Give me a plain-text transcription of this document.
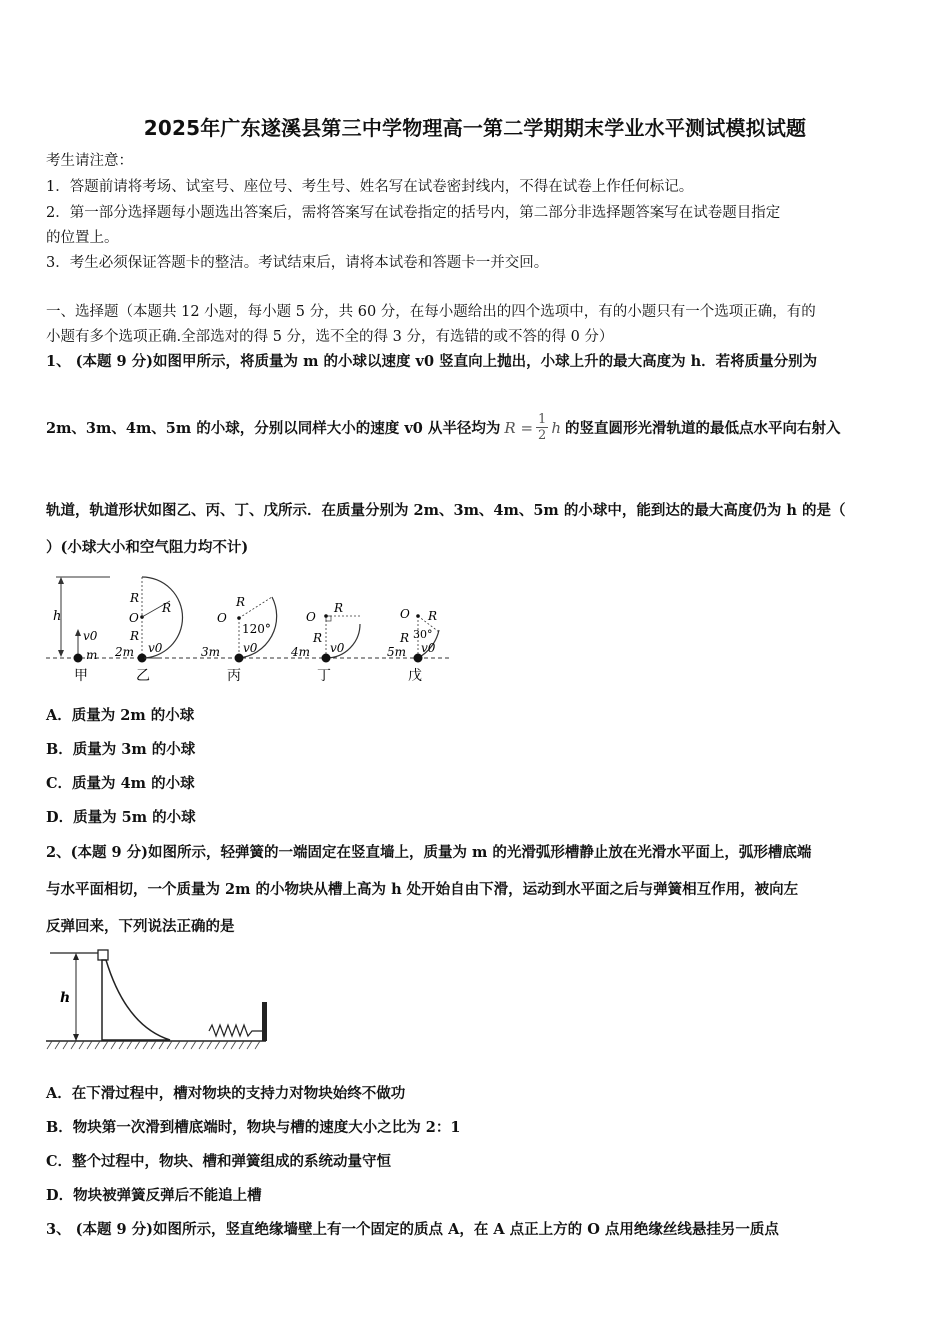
2025年广东遂溪县第三中学物理高一第二学期期末学业水平测试模拟试题
考生请注意：
1．答题前请将考场、试室号、座位号、考生号、姓名写在试卷密封线内，不得在试卷上作任何标记。
2．第一部分选择题每小题选出答案后，需将答案写在试卷指定的括号内，第二部分非选择题答案写在试卷题目指定
的位置上。
3．考生必须保证答题卡的整洁。考试结束后，请将本试卷和答题卡一并交回。
一、选择题（本题共 12 小题，每小题 5 分，共 60 分，在每小题给出的四个选项中，有的小题只有一个选项正确，有的
小题有多个选项正确.全部选对的得 5 分，选不全的得 3 分，有选错的或不答的得 0 分）
1、 (本题 9 分)如图甲所示，将质量为 m 的小球以速度 v0 竖直向上抛出，小球上升的最大高度为 h．若将质量分别为
2m、3m、4m、5m 的小球，分别以同样大小的速度 v0 从半径均为 $R = \frac{1}{2}$ h 的竖直圆形光滑轨道的最低点水平向右射入
轨道，轨道形状如图乙、丙、丁、戊所示．在质量分别为 2m、3m、4m、5m 的小球中，能到达的最大高度仍为 h 的是（
）(小球大小和空气阻力均不计)
h
v0
m
甲
R
O
R
R
2m v0
乙
R
O
120°
3m v0
丙
O
R
R
4m v0
丁
O R
30°
R
5m v0
戊
A．质量为 2m 的小球
B．质量为 3m 的小球
C．质量为 4m 的小球
D．质量为 5m 的小球
2、(本题 9 分)如图所示，轻弹簧的一端固定在竖直墙上，质量为 m 的光滑弧形槽静止放在光滑水平面上，弧形槽底端
与水平面相切，一个质量为 2m 的小物块从槽上高为 h 处开始自由下滑，运动到水平面之后与弹簧相互作用，被向左
反弹回来，下列说法正确的是
h
A．在下滑过程中，槽对物块的支持力对物块始终不做功
B．物块第一次滑到槽底端时，物块与槽的速度大小之比为 2：1
C．整个过程中，物块、槽和弹簧组成的系统动量守恒
D．物块被弹簧反弹后不能追上槽
3、 (本题 9 分)如图所示，竖直绝缘墙壁上有一个固定的质点 A，在 A 点正上方的 O 点用绝缘丝线悬挂另一质点
